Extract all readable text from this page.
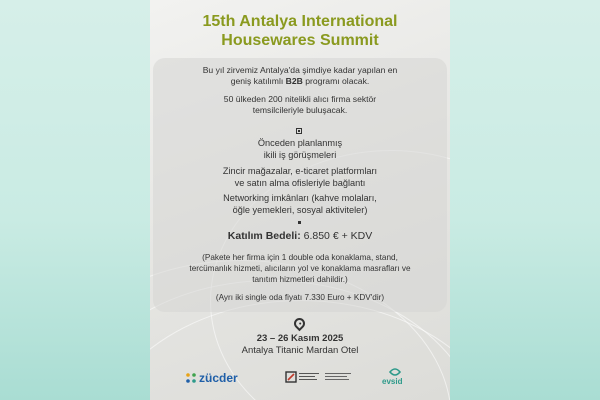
15th Antalya International
Housewares Summit
Bu yıl zirvemiz Antalya'da şimdiye kadar yapılan en
geniş katılımlı B2B programı olacak.
50 ülkeden 200 nitelikli alıcı firma sektör
temsilcileriyle buluşacak.
Önceden planlanmış
ikili iş görüşmeleri
Zincir mağazalar, e-ticaret platformları
ve satın alma ofisleriyle bağlantı
Networking imkânları (kahve molaları,
öğle yemekleri, sosyal aktiviteler)
Katılım Bedeli: 6.850 € + KDV
(Pakete her firma için 1 double oda konaklama, stand,
tercümanlık hizmeti, alıcıların yol ve konaklama masrafları ve
tanıtım hizmetleri dahildir.)
(Ayrı iki single oda fiyatı 7.330 Euro + KDV'dir)
23 – 26 Kasım 2025
Antalya Titanic Mardan Otel
zücder	evsid
